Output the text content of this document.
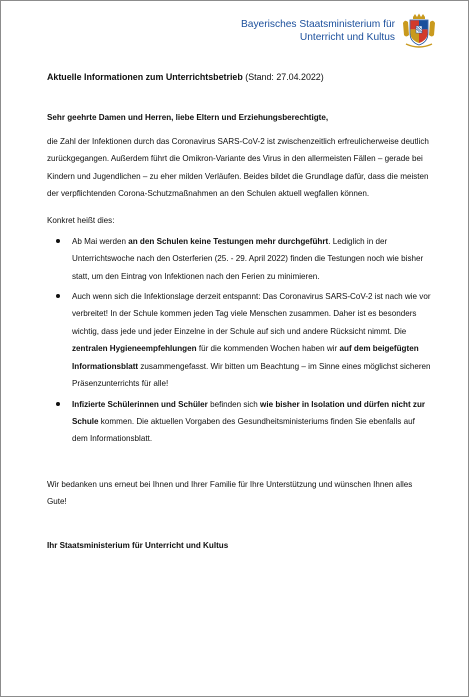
Bayerisches Staatsministerium für
Unterricht und Kultus

Aktuelle Informationen zum Unterrichtsbetrieb (Stand: 27.04.2022)

Sehr geehrte Damen und Herren, liebe Eltern und Erziehungsberechtigte,

die Zahl der Infektionen durch das Coronavirus SARS-CoV-2 ist zwischenzeitlich erfreulicherweise deutlich zurückgegangen. Außerdem führt die Omikron-Variante des Virus in den allermeisten Fällen – gerade bei Kindern und Jugendlichen – zu eher milden Verläufen. Beides bildet die Grundlage dafür, dass die meisten der verpflichtenden Corona-Schutzmaßnahmen an den Schulen aktuell wegfallen können.

Konkret heißt dies:

Ab Mai werden an den Schulen keine Testungen mehr durchgeführt. Lediglich in der Unterrichtswoche nach den Osterferien (25. - 29. April 2022) finden die Testungen noch wie bisher statt, um den Eintrag von Infektionen nach den Ferien zu minimieren.
Auch wenn sich die Infektionslage derzeit entspannt: Das Coronavirus SARS-CoV-2 ist nach wie vor verbreitet! In der Schule kommen jeden Tag viele Menschen zusammen. Daher ist es besonders wichtig, dass jede und jeder Einzelne in der Schule auf sich und andere Rücksicht nimmt. Die zentralen Hygieneempfehlungen für die kommenden Wochen haben wir auf dem beigefügten Informationsblatt zusammengefasst. Wir bitten um Beachtung – im Sinne eines möglichst sicheren Präsenzunterrichts für alle!
Infizierte Schülerinnen und Schüler befinden sich wie bisher in Isolation und dürfen nicht zur Schule kommen. Die aktuellen Vorgaben des Gesundheitsministeriums finden Sie ebenfalls auf dem Informationsblatt.

Wir bedanken uns erneut bei Ihnen und Ihrer Familie für Ihre Unterstützung und wünschen Ihnen alles Gute!

Ihr Staatsministerium für Unterricht und Kultus
